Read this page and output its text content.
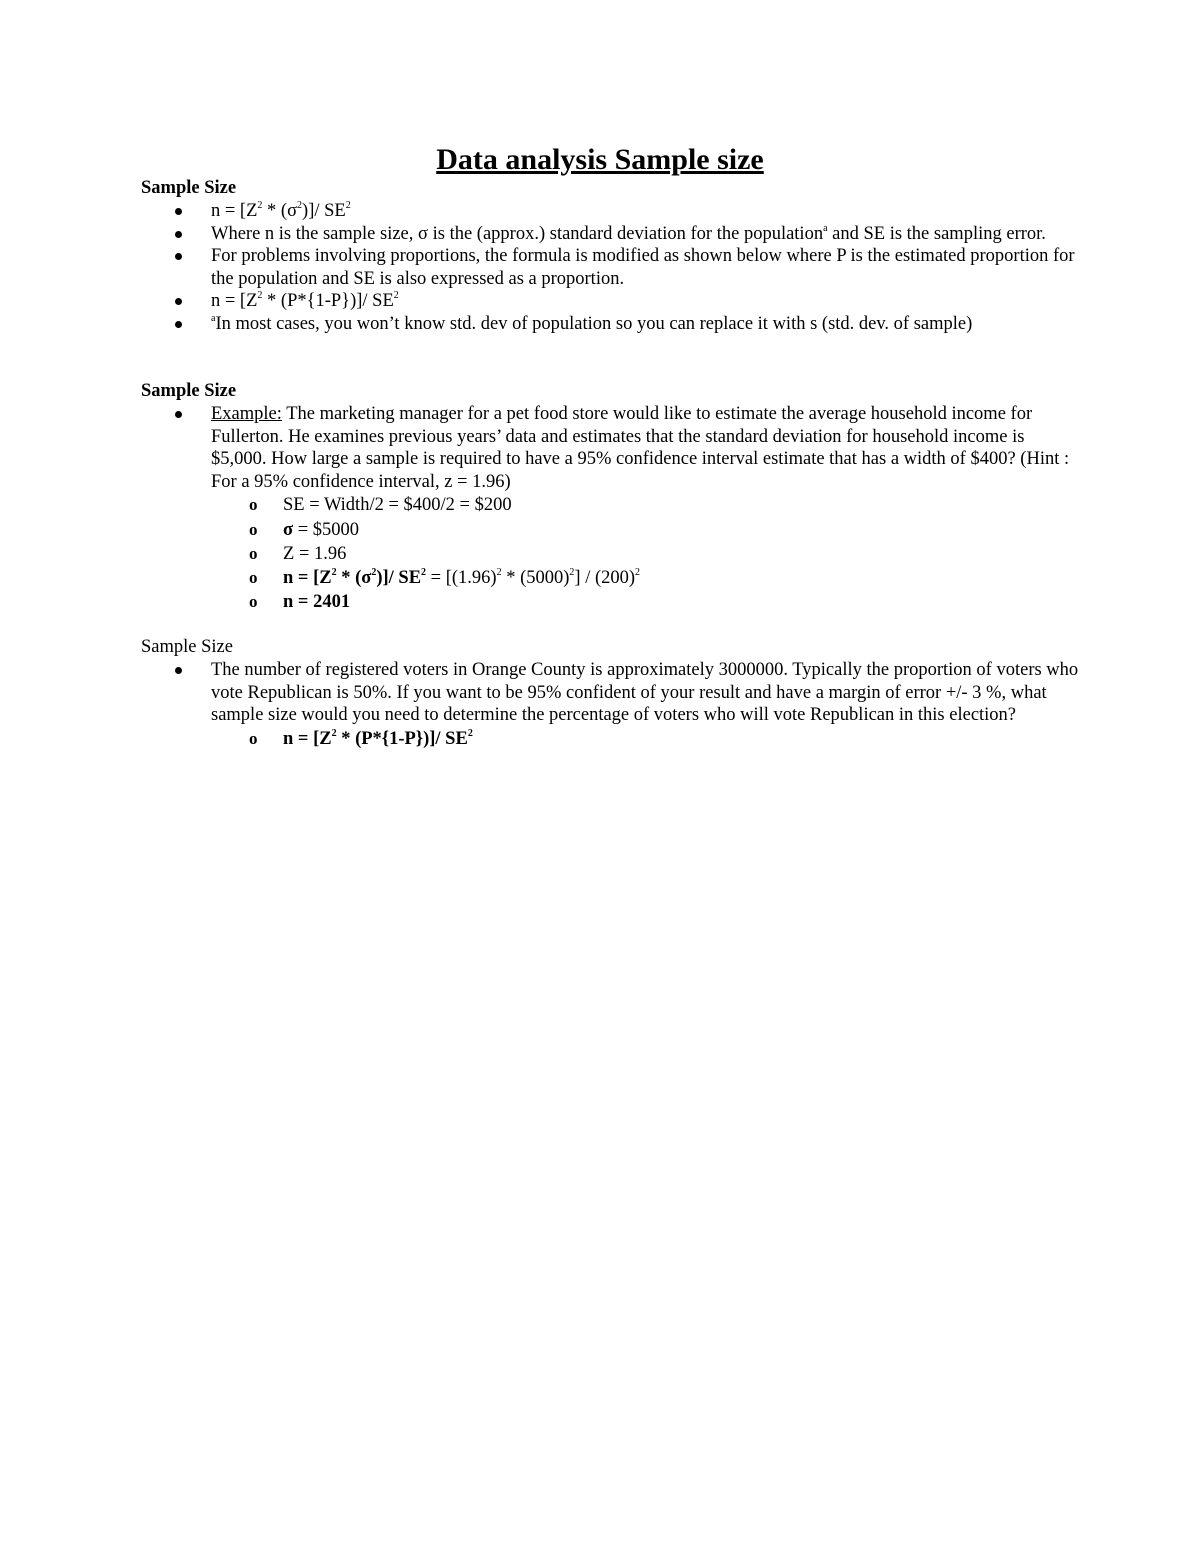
Data analysis Sample size
Sample Size
$n = [Z^2 * (\sigma^2)]/$ $SE^2$
Where n is the sample size, σ is the (approx.) standard deviation for the population$^a$ and SE is the sampling error.
For problems involving proportions, the formula is modified as shown below where P is the estimated proportion for the population and SE is also expressed as a proportion.
$n = [Z^2 * (P*\{1-P\})]/$ $SE^2$
$^a$In most cases, you won’t know std. dev of population so you can replace it with s (std. dev. of sample)
Sample Size
Example: The marketing manager for a pet food store would like to estimate the average household income for Fullerton. He examines previous years’ data and estimates that the standard deviation for household income is $5,000. How large a sample is required to have a 95% confidence interval estimate that has a width of $400? (Hint : For a 95% confidence interval, z = 1.96)
o SE = Width/2 = $400/2 = $200
o σ = $5000
o Z = 1.96
o $n = [Z^2 * (\sigma^2)]/$ $SE^2 = [(1.96)^2 * (5000)^2] / (200)^2$
o n = 2401
Sample Size
The number of registered voters in Orange County is approximately 3000000. Typically the proportion of voters who vote Republican is 50%. If you want to be 95% confident of your result and have a margin of error +/- 3 %, what sample size would you need to determine the percentage of voters who will vote Republican in this election?
o $n = [Z^2 * (P*\{1-P\})]/$ $SE^2$
